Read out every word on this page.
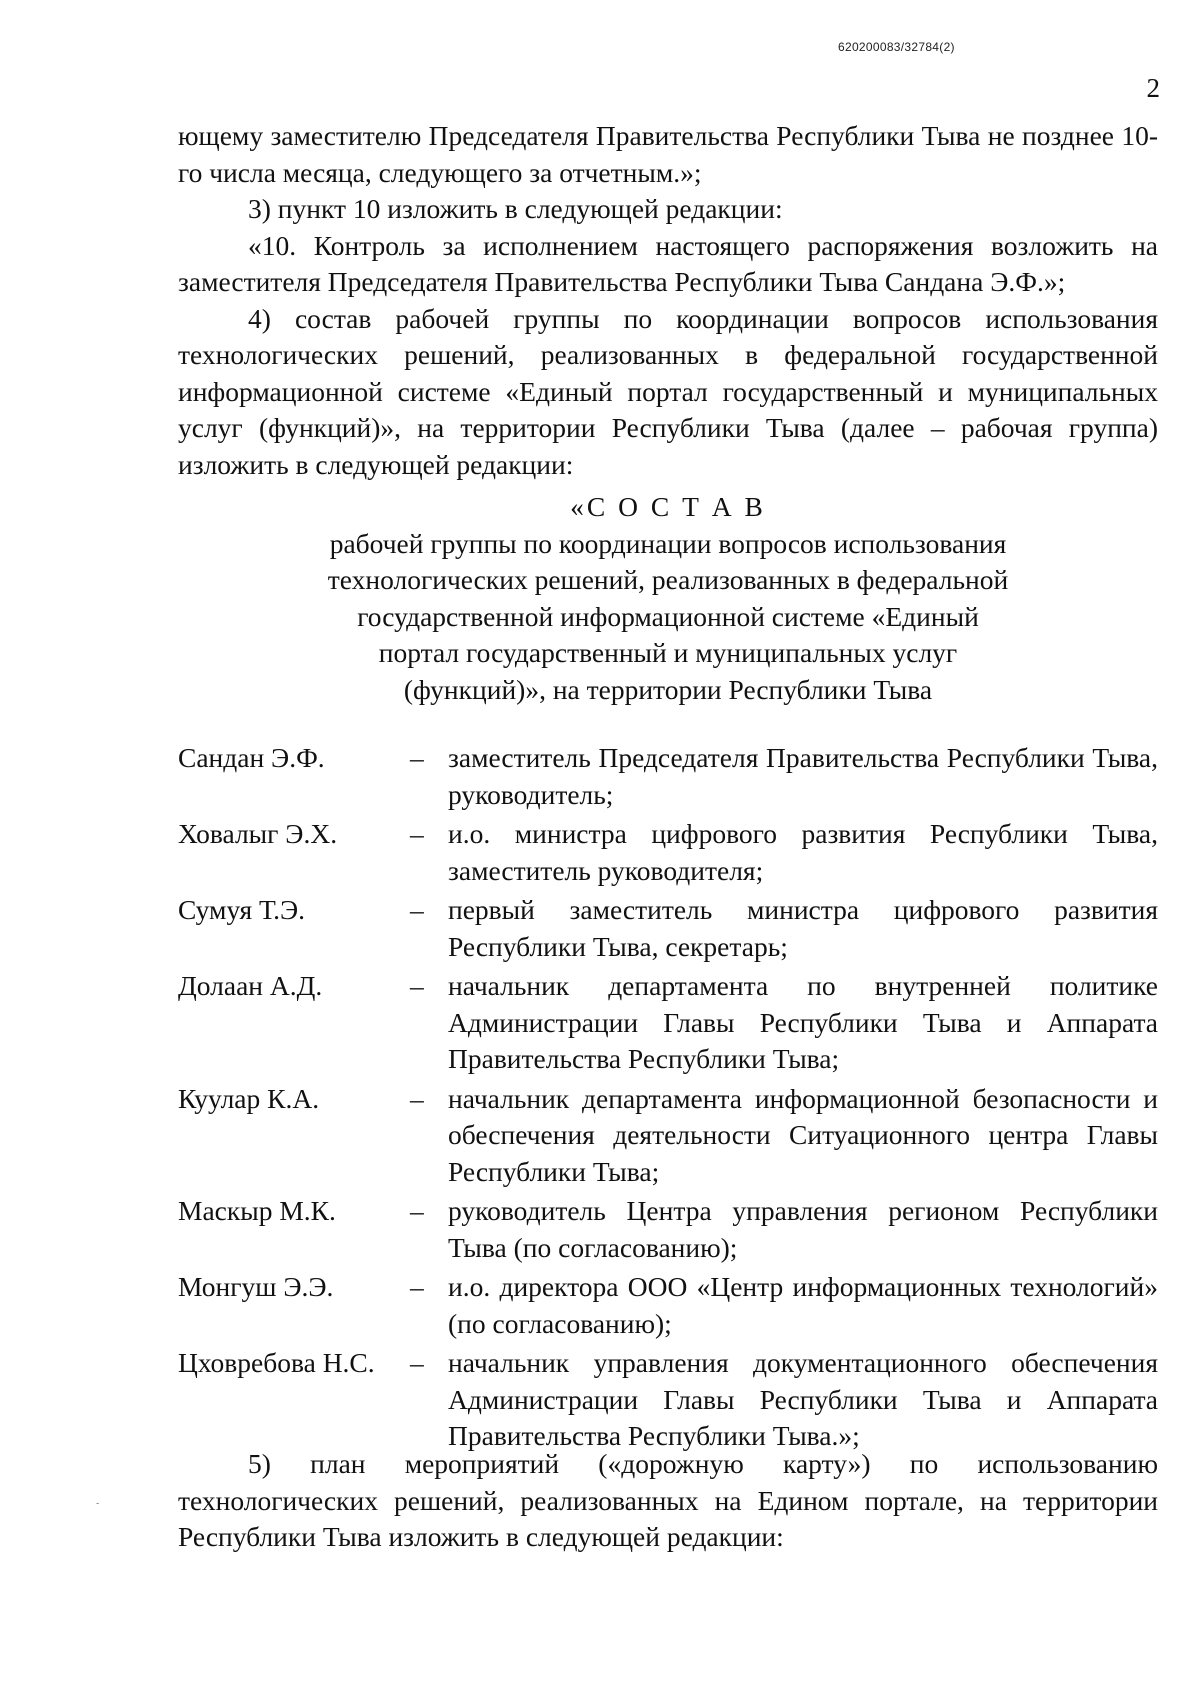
620200083/32784(2)
2

ющему заместителю Председателя Правительства Республики Тыва не позднее 10-го числа месяца, следующего за отчетным.»;

3) пункт 10 изложить в следующей редакции:

«10. Контроль за исполнением настоящего распоряжения возложить на заместителя Председателя Правительства Республики Тыва Сандана Э.Ф.»;

4) состав рабочей группы по координации вопросов использования технологических решений, реализованных в федеральной государственной информационной системе «Единый портал государственный и муниципальных услуг (функций)», на территории Республики Тыва (далее – рабочая группа) изложить в следующей редакции:

«С О С Т А В
рабочей группы по координации вопросов использования
технологических решений, реализованных в федеральной
государственной информационной системе «Единый
портал государственный и муниципальных услуг
(функций)», на территории Республики Тыва
Сандан Э.Ф.	– заместитель Председателя Правительства Республики Тыва, руководитель;
Ховалыг Э.Х.	– и.о. министра цифрового развития Республики Тыва, заместитель руководителя;
Сумуя Т.Э.	– первый заместитель министра цифрового развития Республики Тыва, секретарь;
Долаан А.Д.	– начальник департамента по внутренней политике Администрации Главы Республики Тыва и Аппарата Правительства Республики Тыва;
Куулар К.А.	– начальник департамента информационной безопасности и обеспечения деятельности Ситуационного центра Главы Республики Тыва;
Маскыр М.К.	– руководитель Центра управления регионом Республики Тыва (по согласованию);
Монгуш Э.Э.	– и.о. директора ООО «Центр информационных технологий» (по согласованию);
Цховребова Н.С.	– начальник управления документационного обеспечения Администрации Главы Республики Тыва и Аппарата Правительства Республики Тыва.»;

5) план мероприятий («дорожную карту») по использованию технологических решений, реализованных на Едином портале, на территории Республики Тыва изложить в следующей редакции:

-
